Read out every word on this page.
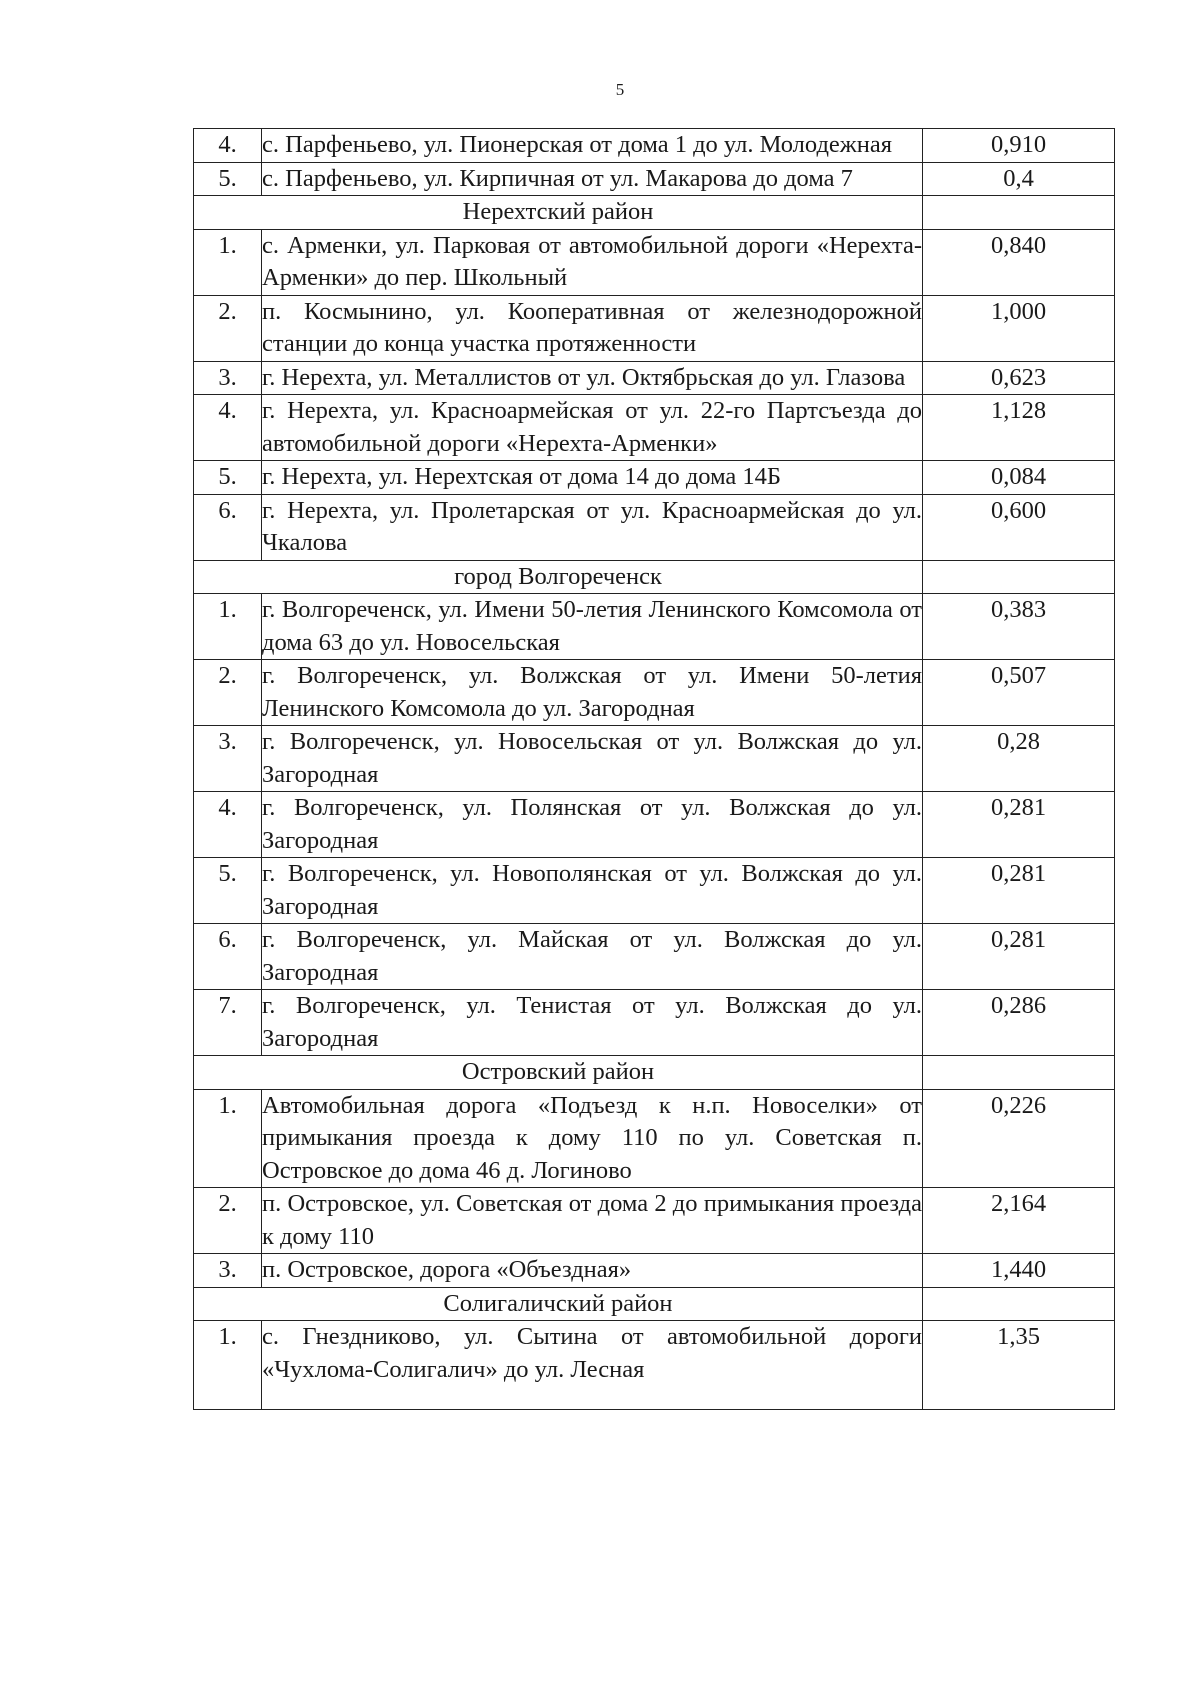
5
4.	с. Парфеньево, ул. Пионерская от дома 1 до ул. Молодежная	0,910
5.	с. Парфеньево, ул. Кирпичная от ул. Макарова до дома 7	0,4
Нерехтский район		
1.	с. Арменки, ул. Парковая от автомобильной дороги «Нерехта-Арменки» до пер. Школьный	0,840
2.	п. Космынино, ул. Кооперативная от железнодорожной станции до конца участка протяженности	1,000
3.	г. Нерехта, ул. Металлистов от ул. Октябрьская до ул. Глазова	0,623
4.	г. Нерехта, ул. Красноармейская от ул. 22-го Партсъезда до автомобильной дороги «Нерехта-Арменки»	1,128
5.	г. Нерехта, ул. Нерехтская от дома 14 до дома 14Б	0,084
6.	г. Нерехта, ул. Пролетарская от ул. Красноармейская до ул. Чкалова	0,600
город Волгореченск		
1.	г. Волгореченск, ул. Имени 50-летия Ленинского Комсомола от дома 63 до ул. Новосельская	0,383
2.	г. Волгореченск, ул. Волжская от ул. Имени 50-летия Ленинского Комсомола до ул. Загородная	0,507
3.	г. Волгореченск, ул. Новосельская от ул. Волжская до ул. Загородная	0,28
4.	г. Волгореченск, ул. Полянская от ул. Волжская до ул. Загородная	0,281
5.	г. Волгореченск, ул. Новополянская от ул. Волжская до ул. Загородная	0,281
6.	г. Волгореченск, ул. Майская от ул. Волжская до ул. Загородная	0,281
7.	г. Волгореченск, ул. Тенистая от ул. Волжская до ул. Загородная	0,286
Островский район		
1.	Автомобильная дорога «Подъезд к н.п. Новоселки» от примыкания проезда к дому 110 по ул. Советская п. Островское до дома 46 д. Логиново	0,226
2.	п. Островское, ул. Советская от дома 2 до примыкания проезда к дому 110	2,164
3.	п. Островское, дорога «Объездная»	1,440
Солигаличский район		
1.	с. Гнездниково, ул. Сытина от автомобильной дороги «Чухлома-Солигалич» до ул. Лесная	1,35
